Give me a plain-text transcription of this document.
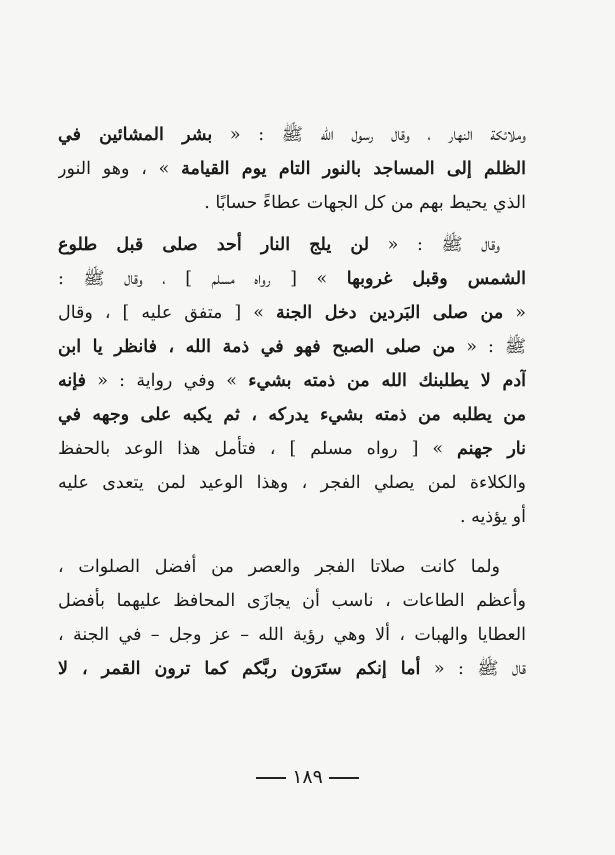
وملائكة النهار ، وقال رسول الله ﷺ : « بشر المشائين في
الظلم إلى المساجد بالنور التام يوم القيامة » ، وهو النور
الذي يحيط بهم من كل الجهات عطاءً حسابًا .
وقال ﷺ : « لن يلج النار أحد صلى قبل طلوع
الشمس وقبل غروبها » [ رواه مسلم ] ، وقال ﷺ :
« من صلى البَردين دخل الجنة » [ متفق عليه ] ، وقال
ﷺ : « من صلى الصبح فهو في ذمة الله ، فانظر يا ابن
آدم لا يطلبنك الله من ذمته بشيء » وفي رواية : « فإنه
من يطلبه من ذمته بشيء يدركه ، ثم يكبه على وجهه في
نار جهنم » [ رواه مسلم ] ، فتأمل هذا الوعد بالحفظ
والكلاءة لمن يصلي الفجر ، وهذا الوعيد لمن يتعدى عليه
أو يؤذيه .
ولما كانت صلاتا الفجر والعصر من أفضل الصلوات ،
وأعظم الطاعات ، ناسب أن يجازَى المحافظ عليهما بأفضل
العطايا والهبات ، ألا وهي رؤية الله – عز وجل – في الجنة ،
قال ﷺ : « أما إنكم ستَرَون ربَّكم كما ترون القمر ، لا
١٨٩
